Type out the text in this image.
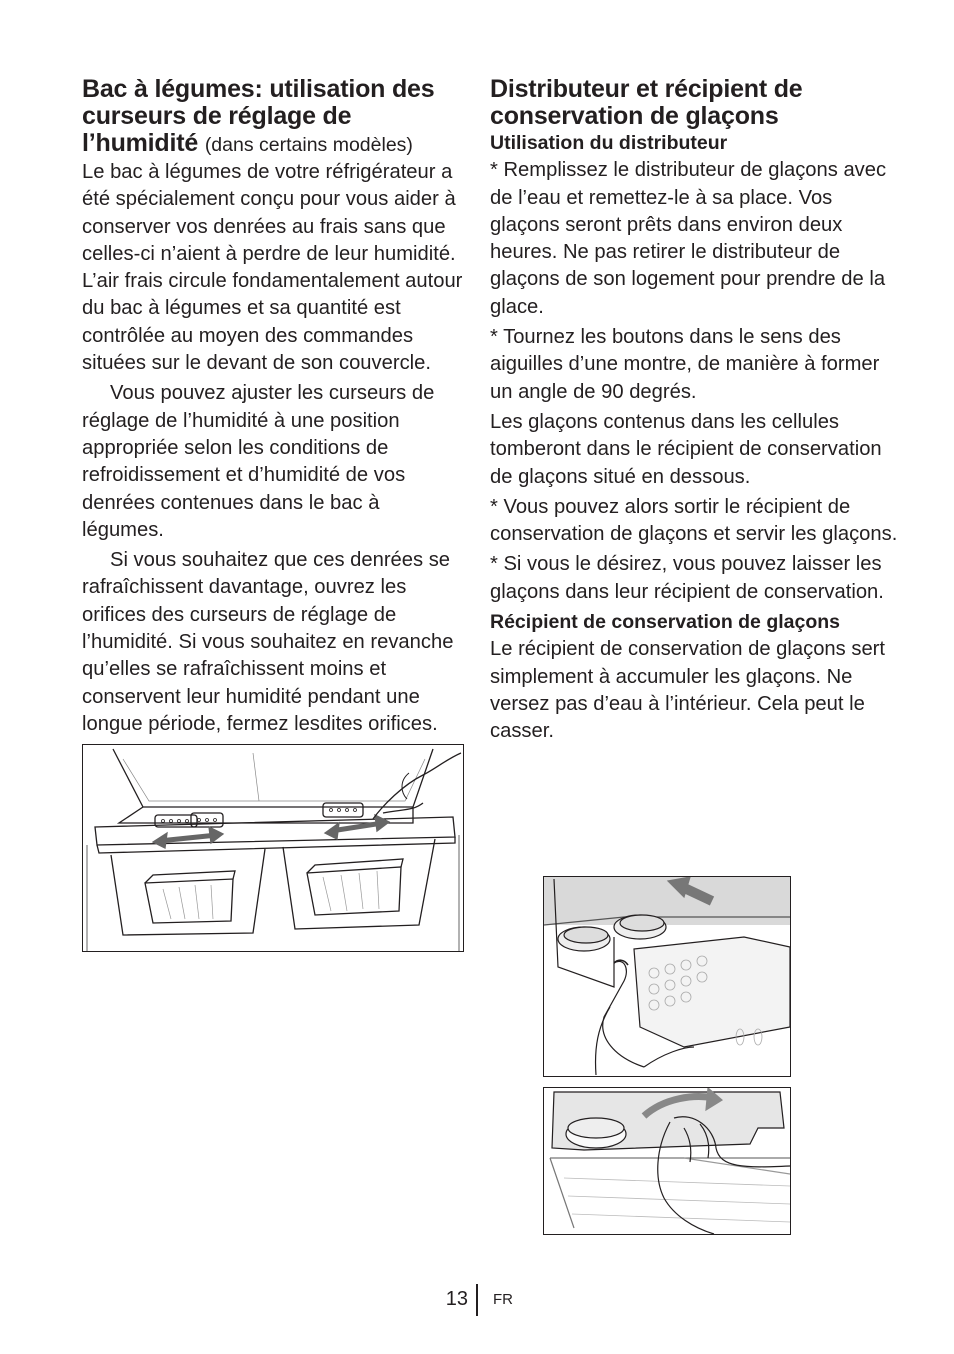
Bac à légumes: utilisation des curseurs de réglage de l’humidité (dans certains modèles)

Le bac à légumes de votre réfrigérateur a été spécialement conçu pour vous aider à conserver vos denrées au frais sans que celles-ci n’aient à perdre de leur humidité. L’air frais circule fondamentalement autour du bac à légumes et sa quantité est contrôlée au moyen des commandes situées sur le devant de son couvercle.

Vous pouvez ajuster les curseurs de réglage de l’humidité à une position appropriée selon les conditions de refroidissement et d’humidité de vos denrées contenues dans le bac à légumes.

Si vous souhaitez que ces denrées se rafraîchissent davantage, ouvrez les orifices des curseurs de réglage de l’humidité. Si vous souhaitez en revanche qu’elles se rafraîchissent moins et conservent leur humidité pendant une longue période, fermez lesdites orifices.

Distributeur et récipient de conservation de glaçons
Utilisation du distributeur

* Remplissez le distributeur de glaçons avec de l’eau et remettez-le à sa place. Vos glaçons seront prêts dans environ deux heures. Ne pas retirer le distributeur de glaçons de son logement pour prendre de la glace.

* Tournez les boutons dans le sens des aiguilles d’une montre, de manière à former un angle de 90 degrés.

Les glaçons contenus dans les cellules tomberont dans le récipient de conservation de glaçons situé en dessous.

* Vous pouvez alors sortir le récipient de conservation de glaçons et servir les glaçons.

* Si vous le désirez, vous pouvez laisser les glaçons dans leur récipient de conservation.

Récipient de conservation de glaçons

Le récipient de conservation de glaçons sert simplement à accumuler les glaçons. Ne versez pas d’eau à l’intérieur. Cela peut le casser.

13 FR
